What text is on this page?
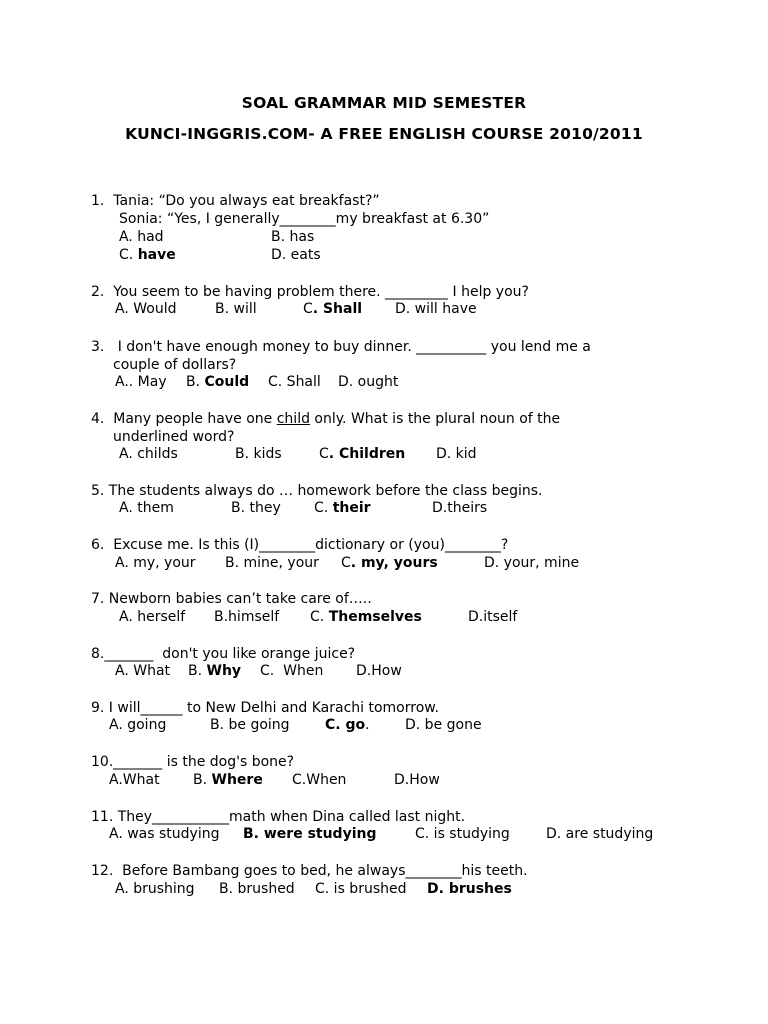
SOAL GRAMMAR MID SEMESTER
KUNCI-INGGRIS.COM- A FREE ENGLISH COURSE 2010/2011
1.  Tania: “Do you always eat breakfast?”
Sonia: “Yes, I generally________my breakfast at 6.30”
A. had	B. has
C. have	D. eats
2.  You seem to be having problem there. _________ I help you?
A. Would	B. will	C. Shall D. will have
3.   I don't have enough money to buy dinner. __________ you lend me a
couple of dollars?
A.. May B. Could C. Shall D. ought
4.  Many people have one child only. What is the plural noun of the
underlined word?
A. childs	B. kids	C. Children D. kid
5. The students always do … homework before the class begins.
A. them	B. they C. their	D.theirs
6.  Excuse me. Is this (I)________dictionary or (you)________?
A. my, your B. mine, your C. my, yours	D. your, mine
7. Newborn babies can’t take care of…..
A. herself B.himself C. Themselves	D.itself
8._______  don't you like orange juice?
A. What B. Why C.  When D.How
9. I will______ to New Delhi and Karachi tomorrow.
A. going	B. be going	C. go.	D. be gone
10._______ is the dog's bone?
A.What B. Where C.When	D.How
11. They___________math when Dina called last night.
A. was studying B. were studying	C. is studying	D. are studying
12.  Before Bambang goes to bed, he always________his teeth.
A. brushing B. brushed C. is brushed D. brushes
